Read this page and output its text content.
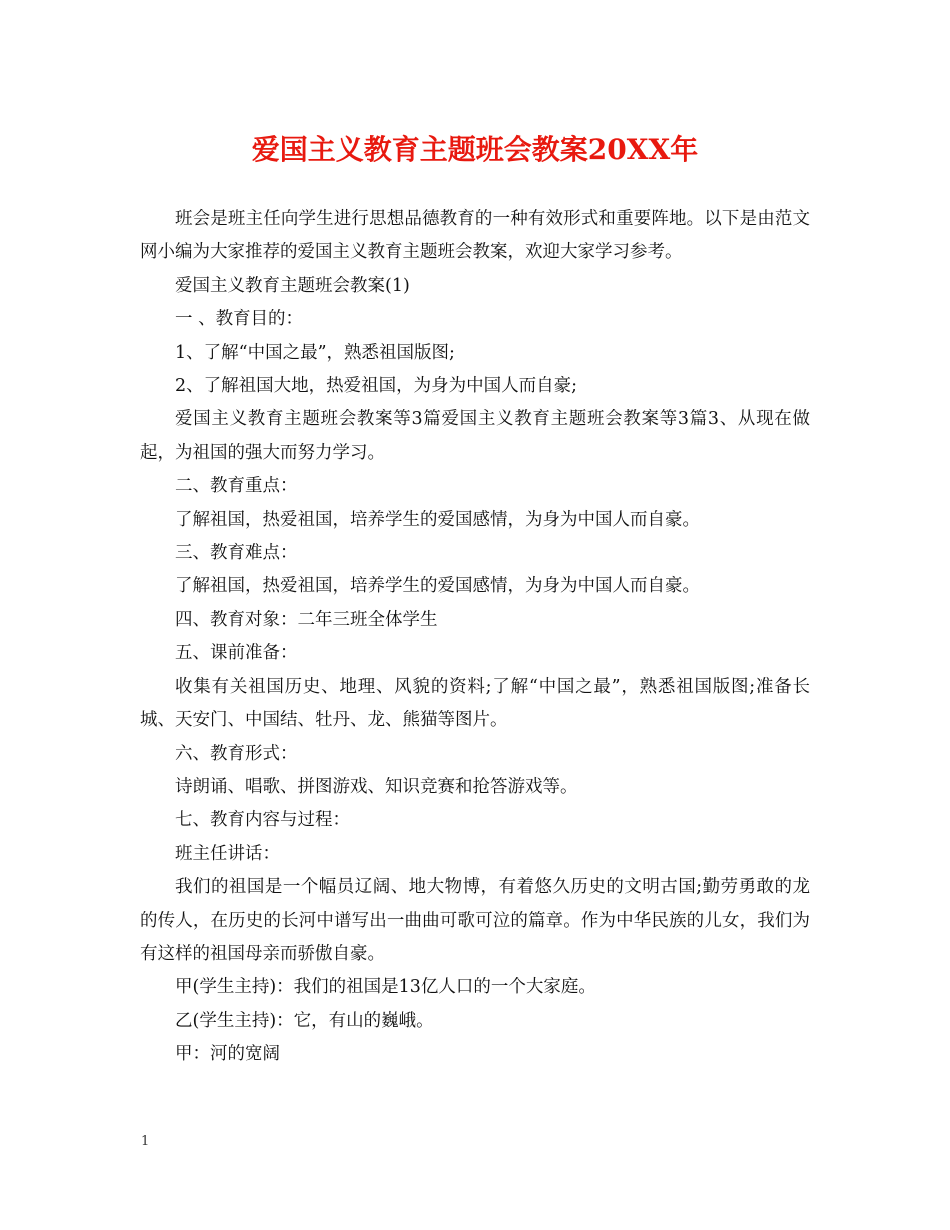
爱国主义教育主题班会教案20XX年

班会是班主任向学生进行思想品德教育的一种有效形式和重要阵地。以下是由范文网小编为大家推荐的爱国主义教育主题班会教案，欢迎大家学习参考。

爱国主义教育主题班会教案(1)

一 、教育目的：

1、了解“中国之最”，熟悉祖国版图;

2、了解祖国大地，热爱祖国，为身为中国人而自豪;

爱国主义教育主题班会教案等3篇爱国主义教育主题班会教案等3篇3、从现在做起，为祖国的强大而努力学习。

二、教育重点：

了解祖国，热爱祖国，培养学生的爱国感情，为身为中国人而自豪。

三、教育难点：

了解祖国，热爱祖国，培养学生的爱国感情，为身为中国人而自豪。

四、教育对象：二年三班全体学生

五、课前准备：

收集有关祖国历史、地理、风貌的资料;了解“中国之最”，熟悉祖国版图;准备长城、天安门、中国结、牡丹、龙、熊猫等图片。

六、教育形式：

诗朗诵、唱歌、拼图游戏、知识竞赛和抢答游戏等。

七、教育内容与过程：

班主任讲话：

我们的祖国是一个幅员辽阔、地大物博，有着悠久历史的文明古国;勤劳勇敢的龙的传人，在历史的长河中谱写出一曲曲可歌可泣的篇章。作为中华民族的儿女，我们为有这样的祖国母亲而骄傲自豪。

甲(学生主持)：我们的祖国是13亿人口的一个大家庭。

乙(学生主持)：它，有山的巍峨。

甲：河的宽阔

1
